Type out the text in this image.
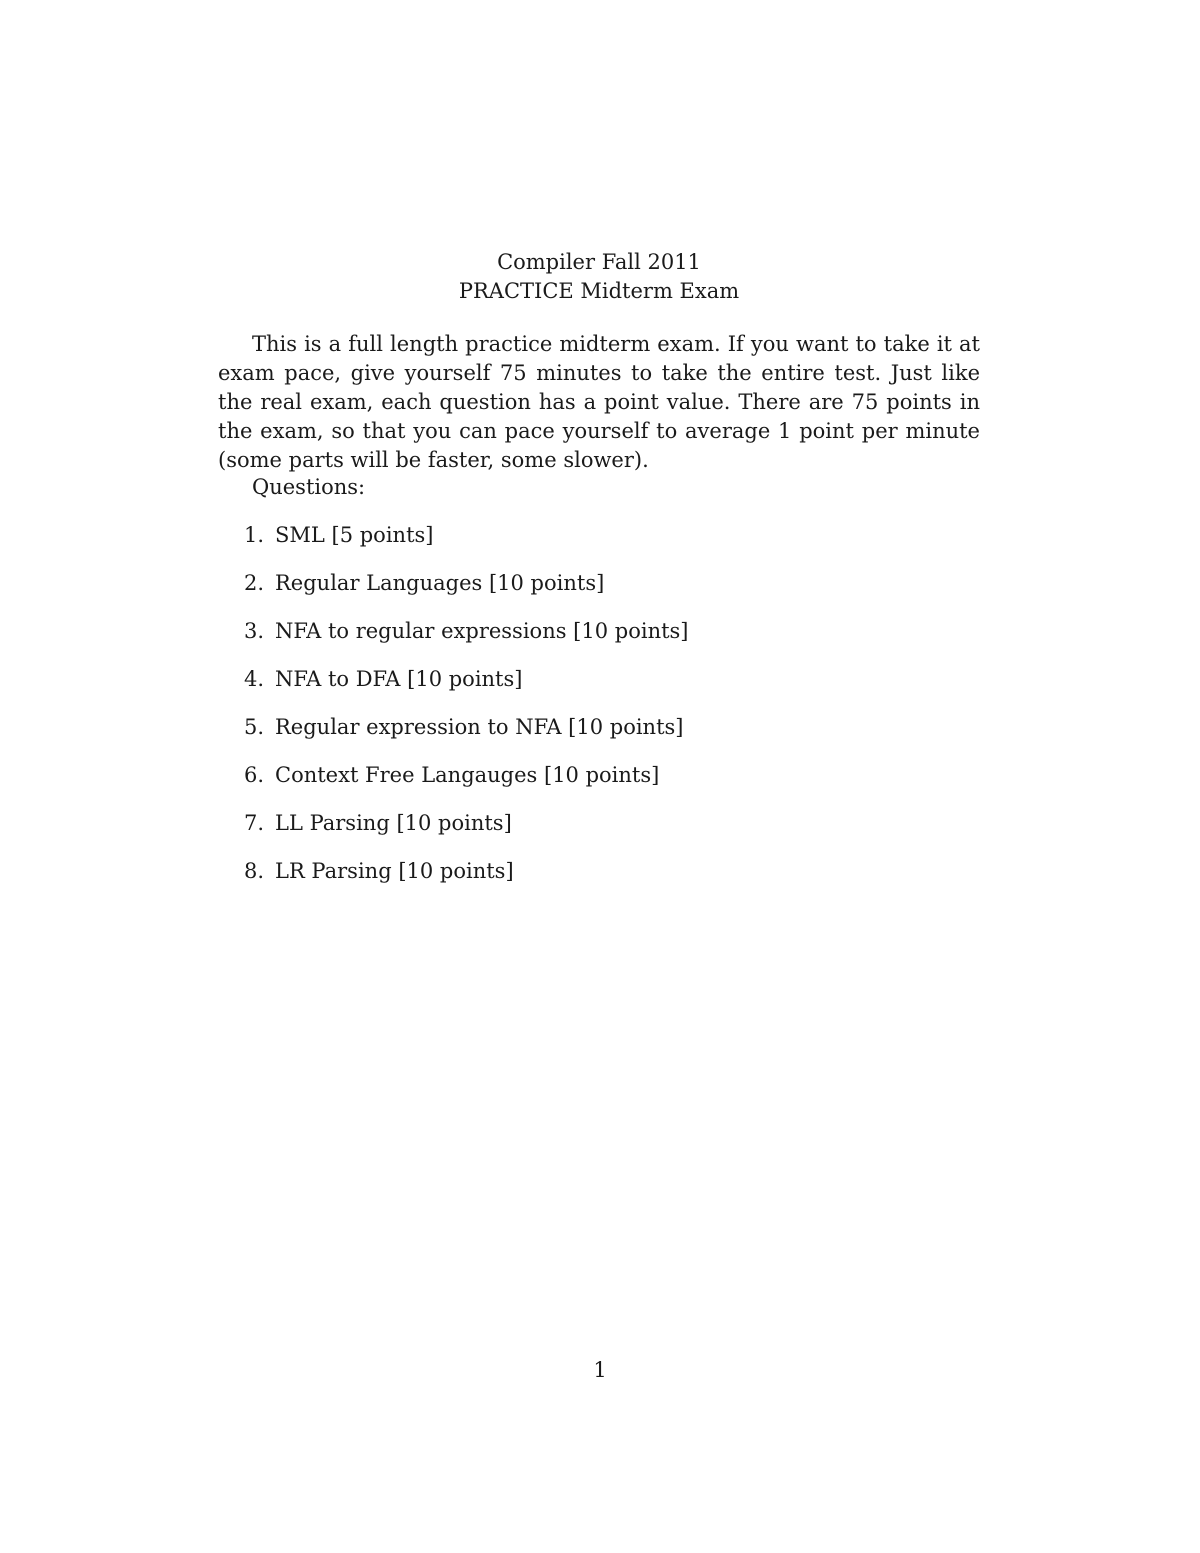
Compiler Fall 2011
PRACTICE Midterm Exam

This is a full length practice midterm exam. If you want to take it at exam pace, give yourself 75 minutes to take the entire test. Just like the real exam, each question has a point value. There are 75 points in the exam, so that you can pace yourself to average 1 point per minute (some parts will be faster, some slower).

Questions:
1. SML [5 points]
2. Regular Languages [10 points]
3. NFA to regular expressions [10 points]
4. NFA to DFA [10 points]
5. Regular expression to NFA [10 points]
6. Context Free Langauges [10 points]
7. LL Parsing [10 points]
8. LR Parsing [10 points]
1
